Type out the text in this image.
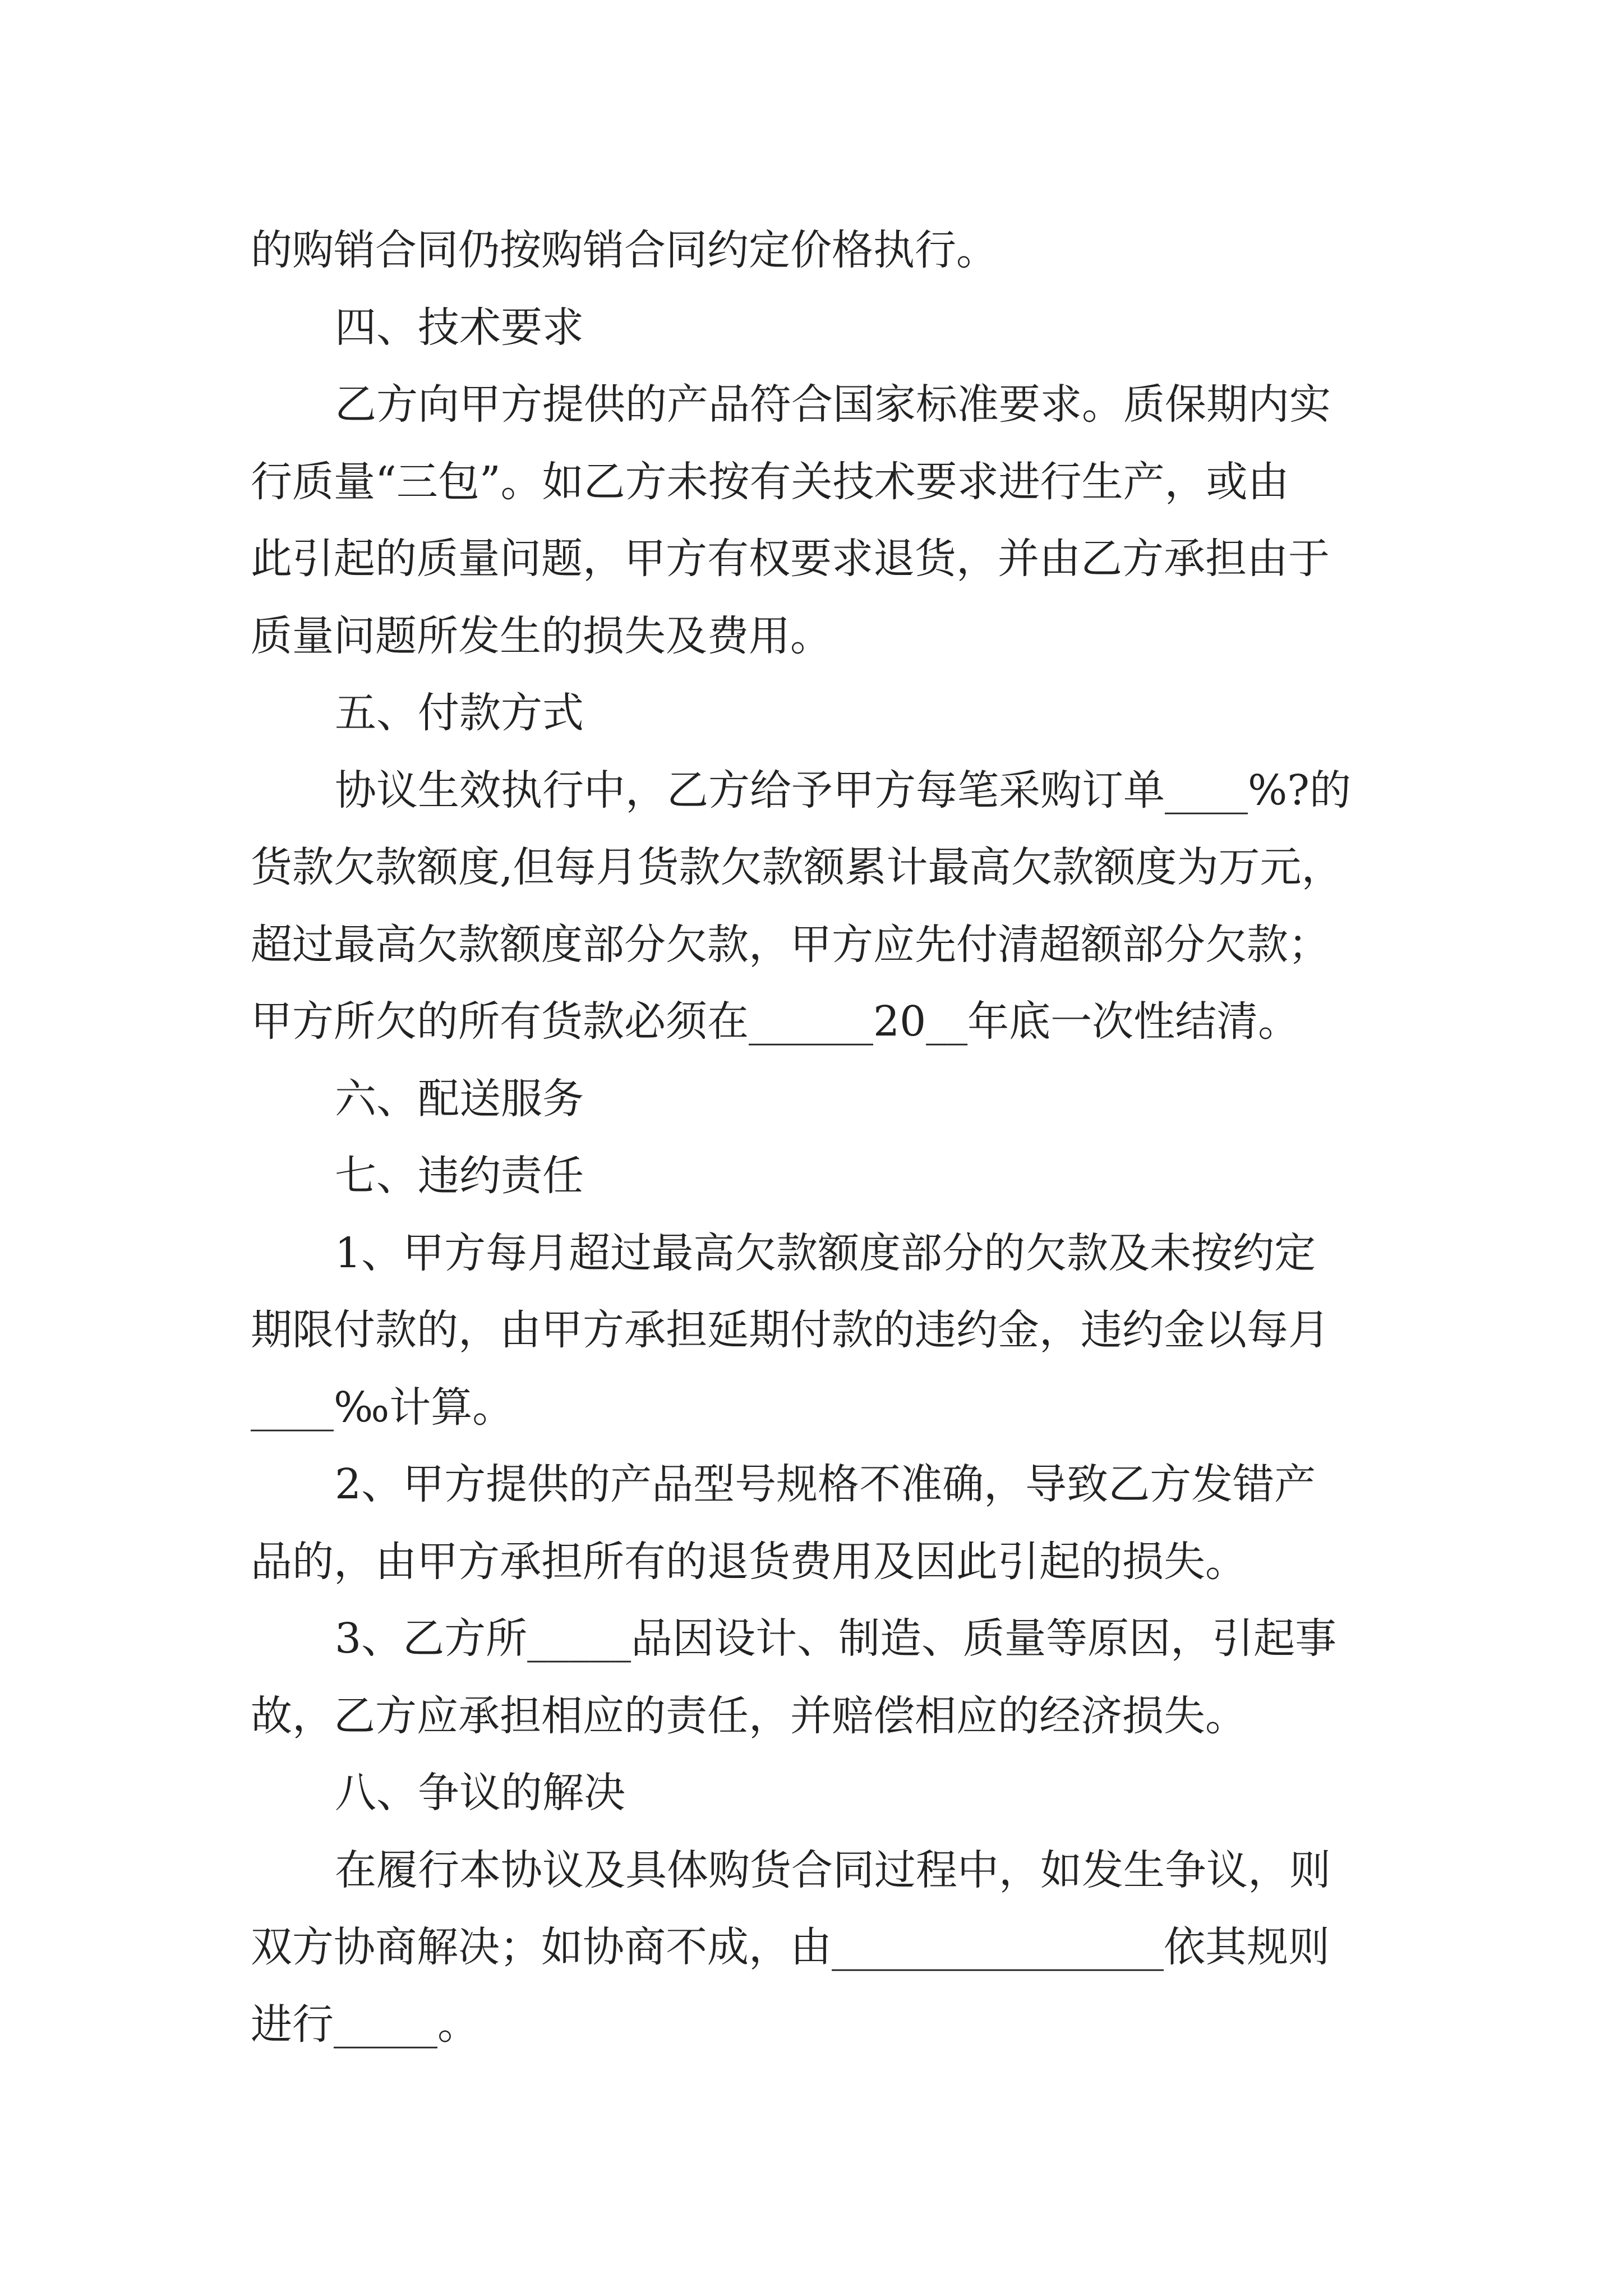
的购销合同仍按购销合同约定价格执行。

四、技术要求

乙方向甲方提供的产品符合国家标准要求。质保期内实

行质量“三包”。如乙方未按有关技术要求进行生产，或由

此引起的质量问题，甲方有权要求退货，并由乙方承担由于

质量问题所发生的损失及费用。

五、付款方式

协议生效执行中，乙方给予甲方每笔采购订单____%?的

货款欠款额度,但每月货款欠款额累计最高欠款额度为万元，

超过最高欠款额度部分欠款，甲方应先付清超额部分欠款；

甲方所欠的所有货款必须在______20__年底一次性结清。

六、配送服务

七、违约责任

1、甲方每月超过最高欠款额度部分的欠款及未按约定

期限付款的，由甲方承担延期付款的违约金，违约金以每月

____‰计算。

2、甲方提供的产品型号规格不准确，导致乙方发错产

品的，由甲方承担所有的退货费用及因此引起的损失。

3、乙方所_____品因设计、制造、质量等原因，引起事

故，乙方应承担相应的责任，并赔偿相应的经济损失。

八、争议的解决

在履行本协议及具体购货合同过程中，如发生争议，则

双方协商解决；如协商不成，由________________依其规则

进行_____。
